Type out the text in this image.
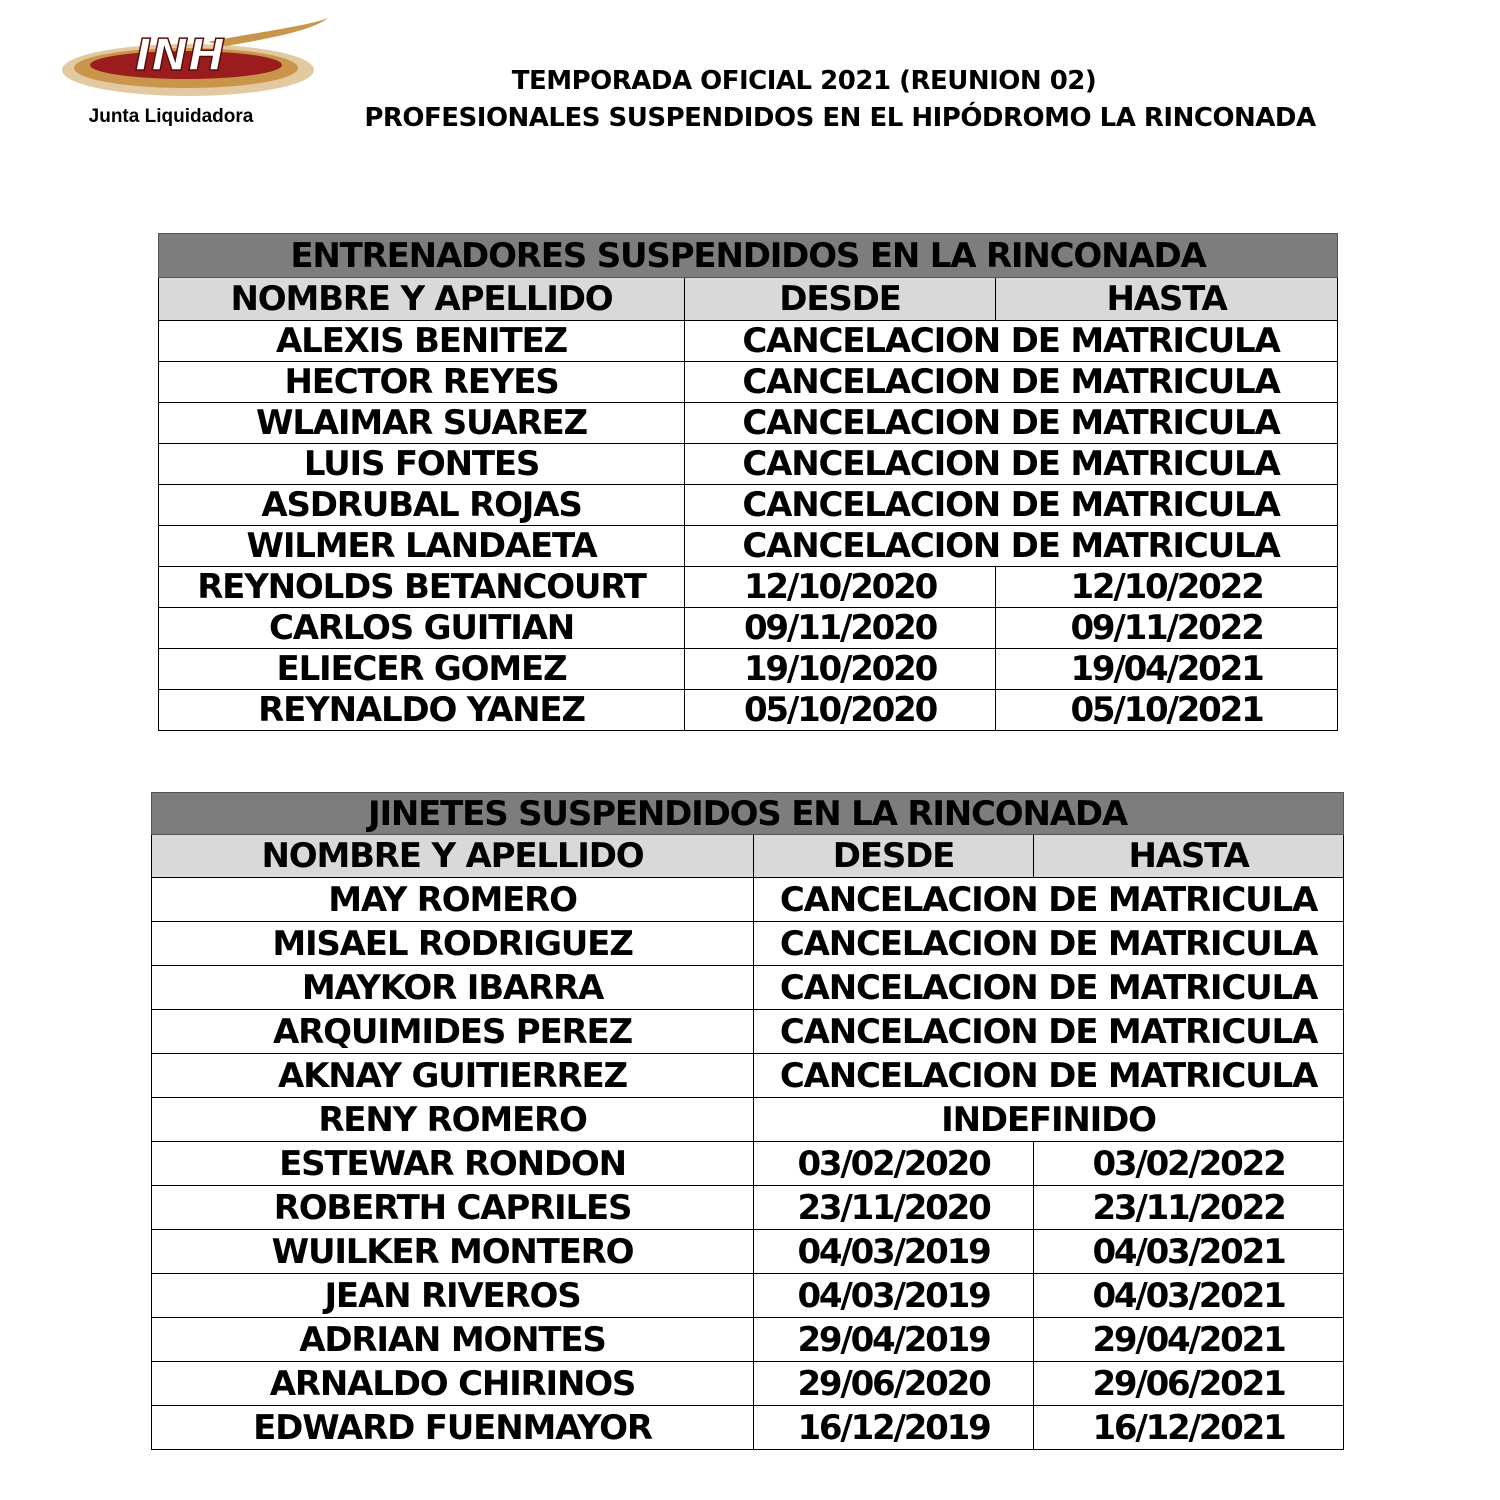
INH
Junta Liquidadora
TEMPORADA OFICIAL 2021 (REUNION 02)
PROFESIONALES SUSPENDIDOS EN EL HIPÓDROMO LA RINCONADA
ENTRENADORES SUSPENDIDOS EN LA RINCONADA		
NOMBRE Y APELLIDO	DESDE	HASTA
ALEXIS BENITEZ	CANCELACION DE MATRICULA	
HECTOR REYES	CANCELACION DE MATRICULA	
WLAIMAR SUAREZ	CANCELACION DE MATRICULA	
LUIS FONTES	CANCELACION DE MATRICULA	
ASDRUBAL ROJAS	CANCELACION DE MATRICULA	
WILMER LANDAETA	CANCELACION DE MATRICULA	
REYNOLDS BETANCOURT	12/10/2020	12/10/2022
CARLOS GUITIAN	09/11/2020	09/11/2022
ELIECER GOMEZ	19/10/2020	19/04/2021
REYNALDO YANEZ	05/10/2020	05/10/2021
JINETES SUSPENDIDOS EN LA RINCONADA		
NOMBRE Y APELLIDO	DESDE	HASTA
MAY ROMERO	CANCELACION DE MATRICULA	
MISAEL RODRIGUEZ	CANCELACION DE MATRICULA	
MAYKOR IBARRA	CANCELACION DE MATRICULA	
ARQUIMIDES PEREZ	CANCELACION DE MATRICULA	
AKNAY GUITIERREZ	CANCELACION DE MATRICULA	
RENY ROMERO	INDEFINIDO	
ESTEWAR RONDON	03/02/2020	03/02/2022
ROBERTH CAPRILES	23/11/2020	23/11/2022
WUILKER MONTERO	04/03/2019	04/03/2021
JEAN RIVEROS	04/03/2019	04/03/2021
ADRIAN MONTES	29/04/2019	29/04/2021
ARNALDO CHIRINOS	29/06/2020	29/06/2021
EDWARD FUENMAYOR	16/12/2019	16/12/2021
